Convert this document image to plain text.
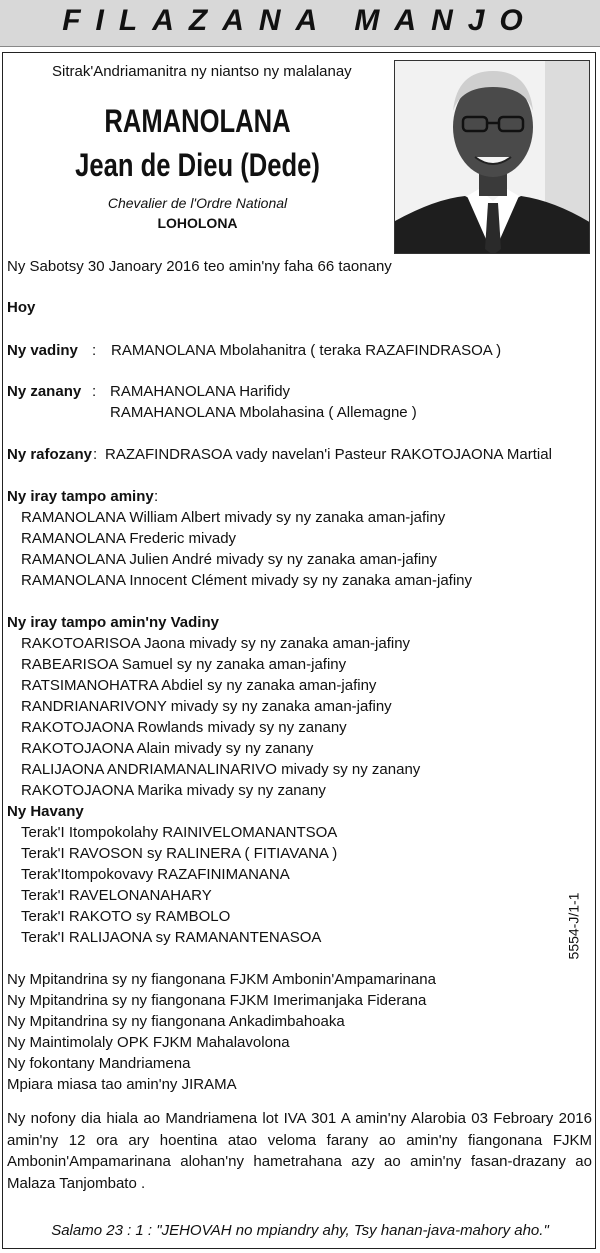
FILAZANA MANJO
Sitrak'Andriamanitra ny niantso ny malalanay
RAMANOLANA
Jean de Dieu (Dede)
Chevalier de l'Ordre National
LOHOLONA
Ny Sabotsy 30 Janoary 2016 teo amin'ny faha 66 taonany
Hoy
Ny vadiny : RAMANOLANA Mbolahanitra ( teraka RAZAFINDRASOA )
Ny zanany : RAMAHANOLANA Harifidy
RAMAHANOLANA Mbolahasina ( Allemagne )
Ny rafozany : RAZAFINDRASOA vady navelan'i Pasteur RAKOTOJAONA Martial
Ny iray tampo aminy :
RAMANOLANA William Albert mivady sy ny zanaka aman-jafiny
RAMANOLANA Frederic mivady
RAMANOLANA Julien André mivady sy ny zanaka aman-jafiny
RAMANOLANA Innocent Clément mivady sy ny zanaka aman-jafiny
Ny iray tampo amin'ny Vadiny
RAKOTOARISOA Jaona mivady sy ny zanaka aman-jafiny
RABEARISOA Samuel sy ny zanaka aman-jafiny
RATSIMANOHATRA Abdiel sy ny zanaka aman-jafiny
RANDRIANARIVONY mivady sy ny zanaka aman-jafiny
RAKOTOJAONA Rowlands mivady sy ny zanany
RAKOTOJAONA Alain mivady sy ny zanany
RALIJAONA ANDRIAMANALINARIVO mivady sy ny zanany
RAKOTOJAONA Marika mivady sy ny zanany
Ny Havany
Terak'I Itompokolahy RAINIVELOMANANTSOA
Terak'I RAVOSON sy RALINERA ( FITIAVANA )
Terak'Itompokovavy RAZAFINIMANANA
Terak'I RAVELONANAHARY
Terak'I RAKOTO sy RAMBOLO
Terak'I RALIJAONA sy RAMANANTENASOA	5554-J/1-1
Ny Mpitandrina sy ny fiangonana FJKM Ambonin'Ampamarinana
Ny Mpitandrina sy ny fiangonana FJKM Imerimanjaka Fiderana
Ny Mpitandrina sy ny fiangonana Ankadimbahoaka
Ny Maintimolaly OPK FJKM Mahalavolona
Ny fokontany Mandriamena
Mpiara miasa tao amin'ny JIRAMA
Ny nofony dia hiala ao Mandriamena lot IVA 301 A amin'ny Alarobia 03 Febroary 2016 amin'ny 12 ora ary hoentina atao veloma farany ao amin'ny fiangonana FJKM Ambonin'Ampamarinana alohan'ny hametrahana azy ao amin'ny fasan-drazany ao Malaza Tanjombato .
Salamo 23 : 1 : "JEHOVAH no mpiandry ahy, Tsy hanan-java-mahory aho."
